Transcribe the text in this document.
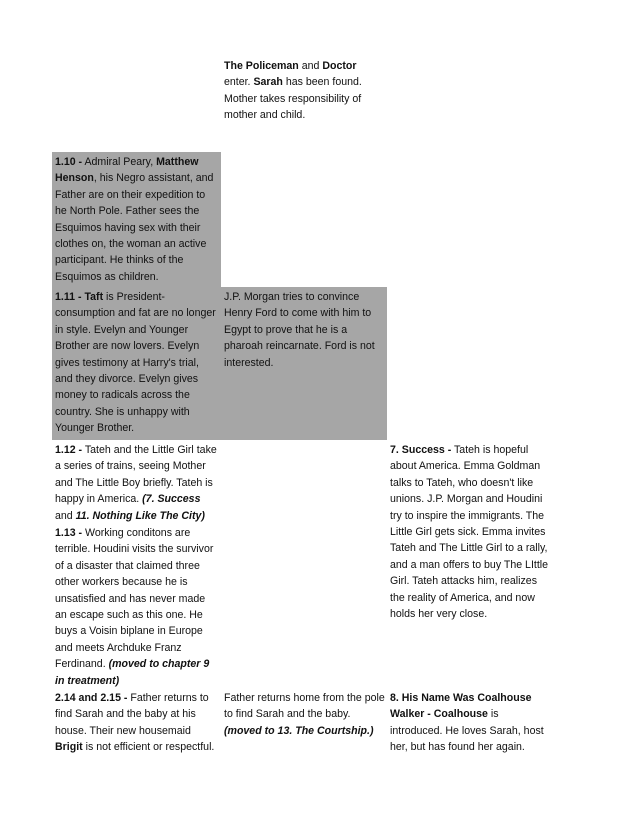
The Policeman and Doctor enter. Sarah has been found. Mother takes responsibility of mother and child.

1.10 - Admiral Peary, Matthew Henson, his Negro assistant, and Father are on their expedition to he North Pole. Father sees the Esquimos having sex with their clothes on, the woman an active participant. He thinks of the Esquimos as children.

1.11 - Taft is President- consumption and fat are no longer in style. Evelyn and Younger Brother are now lovers. Evelyn gives testimony at Harry's trial, and they divorce. Evelyn gives money to radicals across the country. She is unhappy with Younger Brother.

J.P. Morgan tries to convince Henry Ford to come with him to Egypt to prove that he is a pharoah reincarnate. Ford is not interested.

1.12 - Tateh and the Little Girl take a series of trains, seeing Mother and The Little Boy briefly. Tateh is happy in America. (7. Success and 11. Nothing Like The City)

1.13 - Working conditons are terrible. Houdini visits the survivor of a disaster that claimed three other workers because he is unsatisfied and has never made an escape such as this one. He buys a Voisin biplane in Europe and meets Archduke Franz Ferdinand. (moved to chapter 9 in treatment)

7. Success - Tateh is hopeful about America. Emma Goldman talks to Tateh, who doesn't like unions. J.P. Morgan and Houdini try to inspire the immigrants. The Little Girl gets sick. Emma invites Tateh and The Little Girl to a rally, and a man offers to buy The LIttle Girl. Tateh attacks him, realizes the reality of America, and now holds her very close.

2.14 and 2.15 - Father returns to find Sarah and the baby at his house. Their new housemaid Brigit is not efficient or respectful.

Father returns home from the pole to find Sarah and the baby. (moved to 13. The Courtship.)

8. His Name Was Coalhouse Walker - Coalhouse is introduced. He loves Sarah, host her, but has found her again.
